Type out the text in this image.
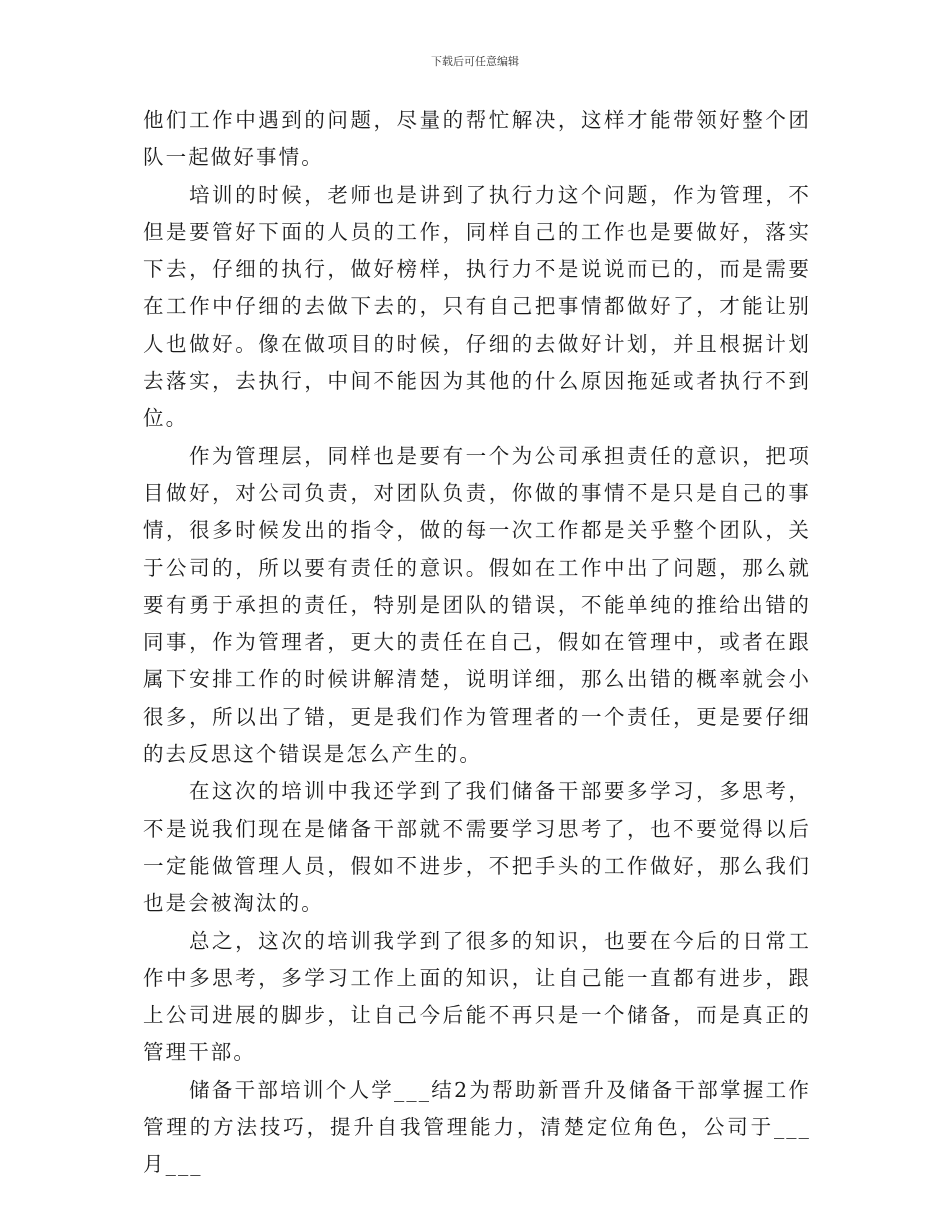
下载后可任意编辑

他们工作中遇到的问题，尽量的帮忙解决，这样才能带领好整个团队一起做好事情。

培训的时候，老师也是讲到了执行力这个问题，作为管理，不但是要管好下面的人员的工作，同样自己的工作也是要做好，落实下去，仔细的执行，做好榜样，执行力不是说说而已的，而是需要在工作中仔细的去做下去的，只有自己把事情都做好了，才能让别人也做好。像在做项目的时候，仔细的去做好计划，并且根据计划去落实，去执行，中间不能因为其他的什么原因拖延或者执行不到位。

作为管理层，同样也是要有一个为公司承担责任的意识，把项目做好，对公司负责，对团队负责，你做的事情不是只是自己的事情，很多时候发出的指令，做的每一次工作都是关乎整个团队，关于公司的，所以要有责任的意识。假如在工作中出了问题，那么就要有勇于承担的责任，特别是团队的错误，不能单纯的推给出错的同事，作为管理者，更大的责任在自己，假如在管理中，或者在跟属下安排工作的时候讲解清楚，说明详细，那么出错的概率就会小很多，所以出了错，更是我们作为管理者的一个责任，更是要仔细的去反思这个错误是怎么产生的。

在这次的培训中我还学到了我们储备干部要多学习，多思考，不是说我们现在是储备干部就不需要学习思考了，也不要觉得以后一定能做管理人员，假如不进步，不把手头的工作做好，那么我们也是会被淘汰的。

总之，这次的培训我学到了很多的知识，也要在今后的日常工作中多思考，多学习工作上面的知识，让自己能一直都有进步，跟上公司进展的脚步，让自己今后能不再只是一个储备，而是真正的管理干部。

储备干部培训个人学___结2为帮助新晋升及储备干部掌握工作管理的方法技巧，提升自我管理能力，清楚定位角色，公司于___月___
